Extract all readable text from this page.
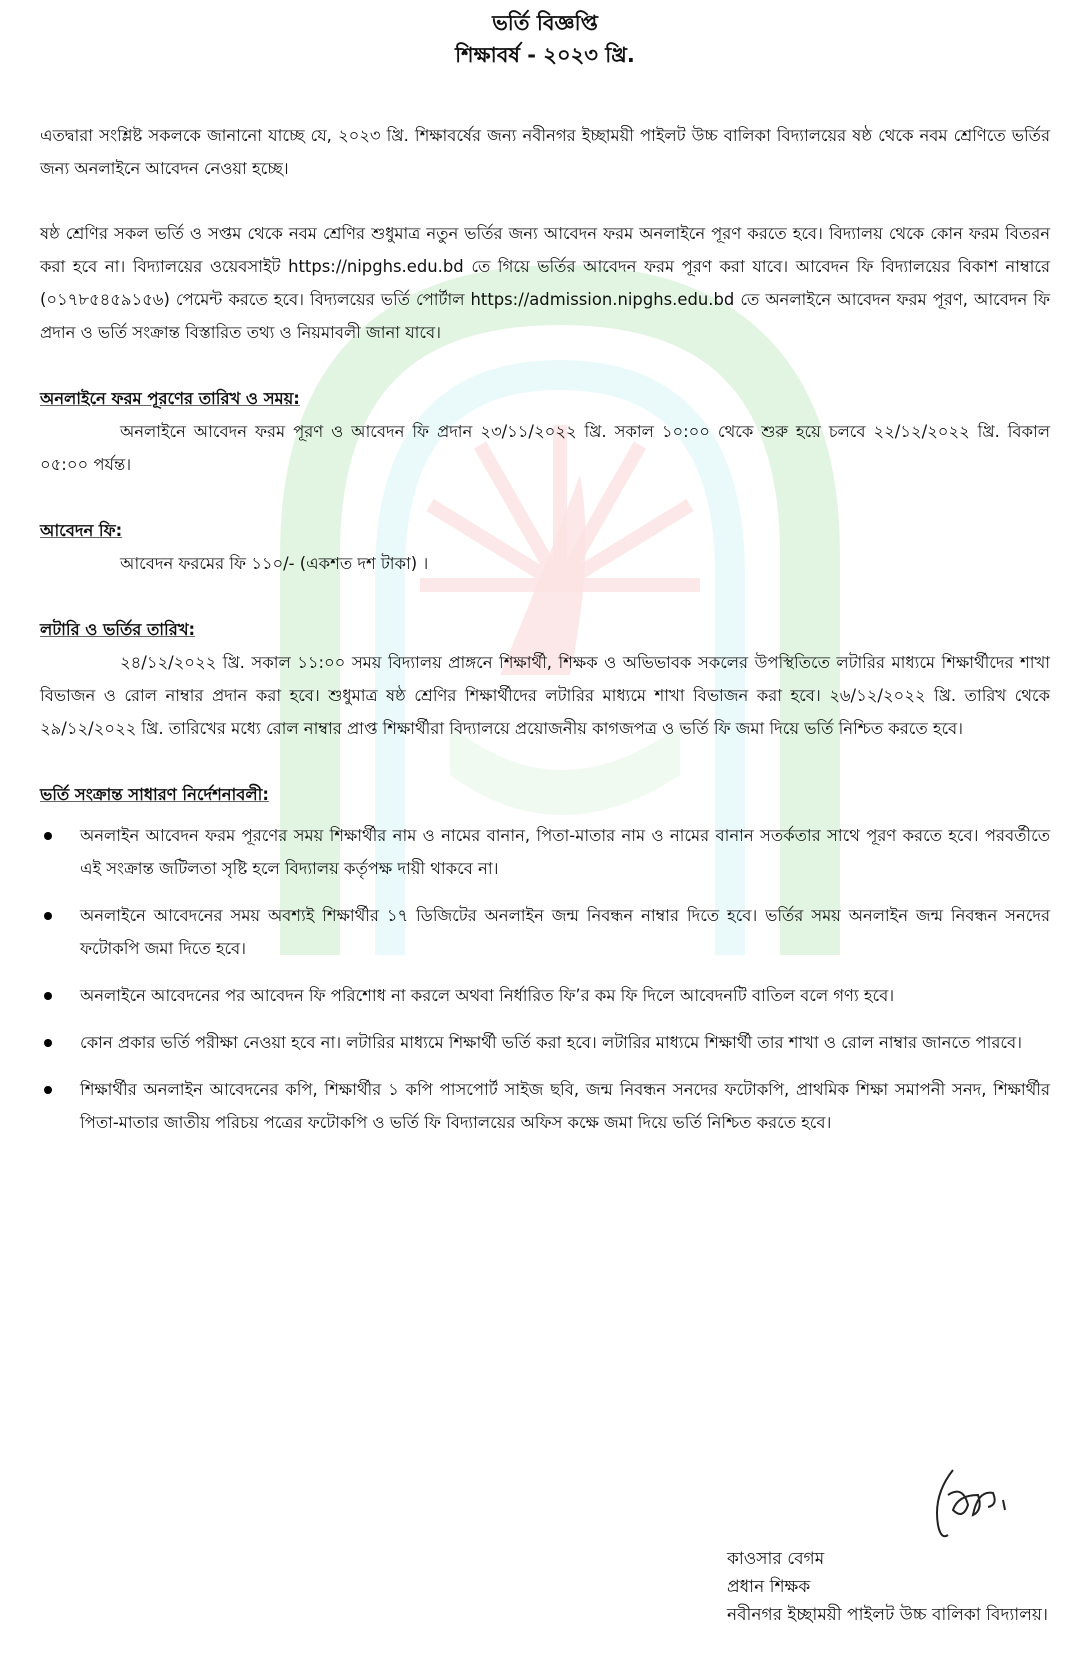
ভর্তি বিজ্ঞপ্তি
শিক্ষাবর্ষ - ২০২৩ খ্রি.

এতদ্বারা সংশ্লিষ্ট সকলকে জানানো যাচ্ছে যে, ২০২৩ খ্রি. শিক্ষাবর্ষের জন্য নবীনগর ইচ্ছাময়ী পাইলট উচ্চ বালিকা বিদ্যালয়ের ষষ্ঠ থেকে নবম শ্রেণিতে ভর্তির জন্য অনলাইনে আবেদন নেওয়া হচ্ছে।

ষষ্ঠ শ্রেণির সকল ভর্তি ও সপ্তম থেকে নবম শ্রেণির শুধুমাত্র নতুন ভর্তির জন্য আবেদন ফরম অনলাইনে পূরণ করতে হবে। বিদ্যালয় থেকে কোন ফরম বিতরন করা হবে না। বিদ্যালয়ের ওয়েবসাইট https://nipghs.edu.bd তে গিয়ে ভর্তির আবেদন ফরম পূরণ করা যাবে। আবেদন ফি বিদ্যালয়ের বিকাশ নাম্বারে (০১৭৮৫৪৫৯১৫৬) পেমেন্ট করতে হবে। বিদ্যলয়ের ভর্তি পোর্টাল https://admission.nipghs.edu.bd তে অনলাইনে আবেদন ফরম পূরণ, আবেদন ফি প্রদান ও ভর্তি সংক্রান্ত বিস্তারিত তথ্য ও নিয়মাবলী জানা যাবে।

অনলাইনে ফরম পূরণের তারিখ ও সময়:

অনলাইনে আবেদন ফরম পূরণ ও আবেদন ফি প্রদান ২৩/১১/২০২২ খ্রি. সকাল ১০:০০ থেকে শুরু হয়ে চলবে ২২/১২/২০২২ খ্রি. বিকাল ০৫:০০ পর্যন্ত।

আবেদন ফি:

আবেদন ফরমের ফি ১১০/- (একশত দশ টাকা) ।

লটারি ও ভর্তির তারিখ:

২৪/১২/২০২২ খ্রি. সকাল ১১:০০ সময় বিদ্যালয় প্রাঙ্গনে শিক্ষার্থী, শিক্ষক ও অভিভাবক সকলের উপস্থিতিতে লটারির মাধ্যমে শিক্ষার্থীদের শাখা বিভাজন ও রোল নাম্বার প্রদান করা হবে। শুধুমাত্র ষষ্ঠ শ্রেণির শিক্ষার্থীদের লটারির মাধ্যমে শাখা বিভাজন করা হবে। ২৬/১২/২০২২ খ্রি. তারিখ থেকে ২৯/১২/২০২২ খ্রি. তারিখের মধ্যে রোল নাম্বার প্রাপ্ত শিক্ষার্থীরা বিদ্যালয়ে প্রয়োজনীয় কাগজপত্র ও ভর্তি ফি জমা দিয়ে ভর্তি নিশ্চিত করতে হবে।

ভর্তি সংক্রান্ত সাধারণ নির্দেশনাবলী:
অনলাইন আবেদন ফরম পূরণের সময় শিক্ষার্থীর নাম ও নামের বানান, পিতা-মাতার নাম ও নামের বানান সতর্কতার সাথে পূরণ করতে হবে। পরবর্তীতে এই সংক্রান্ত জটিলতা সৃষ্টি হলে বিদ্যালয় কর্তৃপক্ষ দায়ী থাকবে না।
অনলাইনে আবেদনের সময় অবশ্যই শিক্ষার্থীর ১৭ ডিজিটের অনলাইন জন্ম নিবন্ধন নাম্বার দিতে হবে। ভর্তির সময় অনলাইন জন্ম নিবন্ধন সনদের ফটোকপি জমা দিতে হবে।
অনলাইনে আবেদনের পর আবেদন ফি পরিশোধ না করলে অথবা নির্ধারিত ফি’র কম ফি দিলে আবেদনটি বাতিল বলে গণ্য হবে।
কোন প্রকার ভর্তি পরীক্ষা নেওয়া হবে না। লটারির মাধ্যমে শিক্ষার্থী ভর্তি করা হবে। লটারির মাধ্যমে শিক্ষার্থী তার শাখা ও রোল নাম্বার জানতে পারবে।
শিক্ষার্থীর অনলাইন আবেদনের কপি, শিক্ষার্থীর ১ কপি পাসপোর্ট সাইজ ছবি, জন্ম নিবন্ধন সনদের ফটোকপি, প্রাথমিক শিক্ষা সমাপনী সনদ, শিক্ষার্থীর পিতা-মাতার জাতীয় পরিচয় পত্রের ফটোকপি ও ভর্তি ফি বিদ্যালয়ের অফিস কক্ষে জমা দিয়ে ভর্তি নিশ্চিত করতে হবে।

কাওসার বেগম

প্রধান শিক্ষক

নবীনগর ইচ্ছাময়ী পাইলট উচ্চ বালিকা বিদ্যালয়।
